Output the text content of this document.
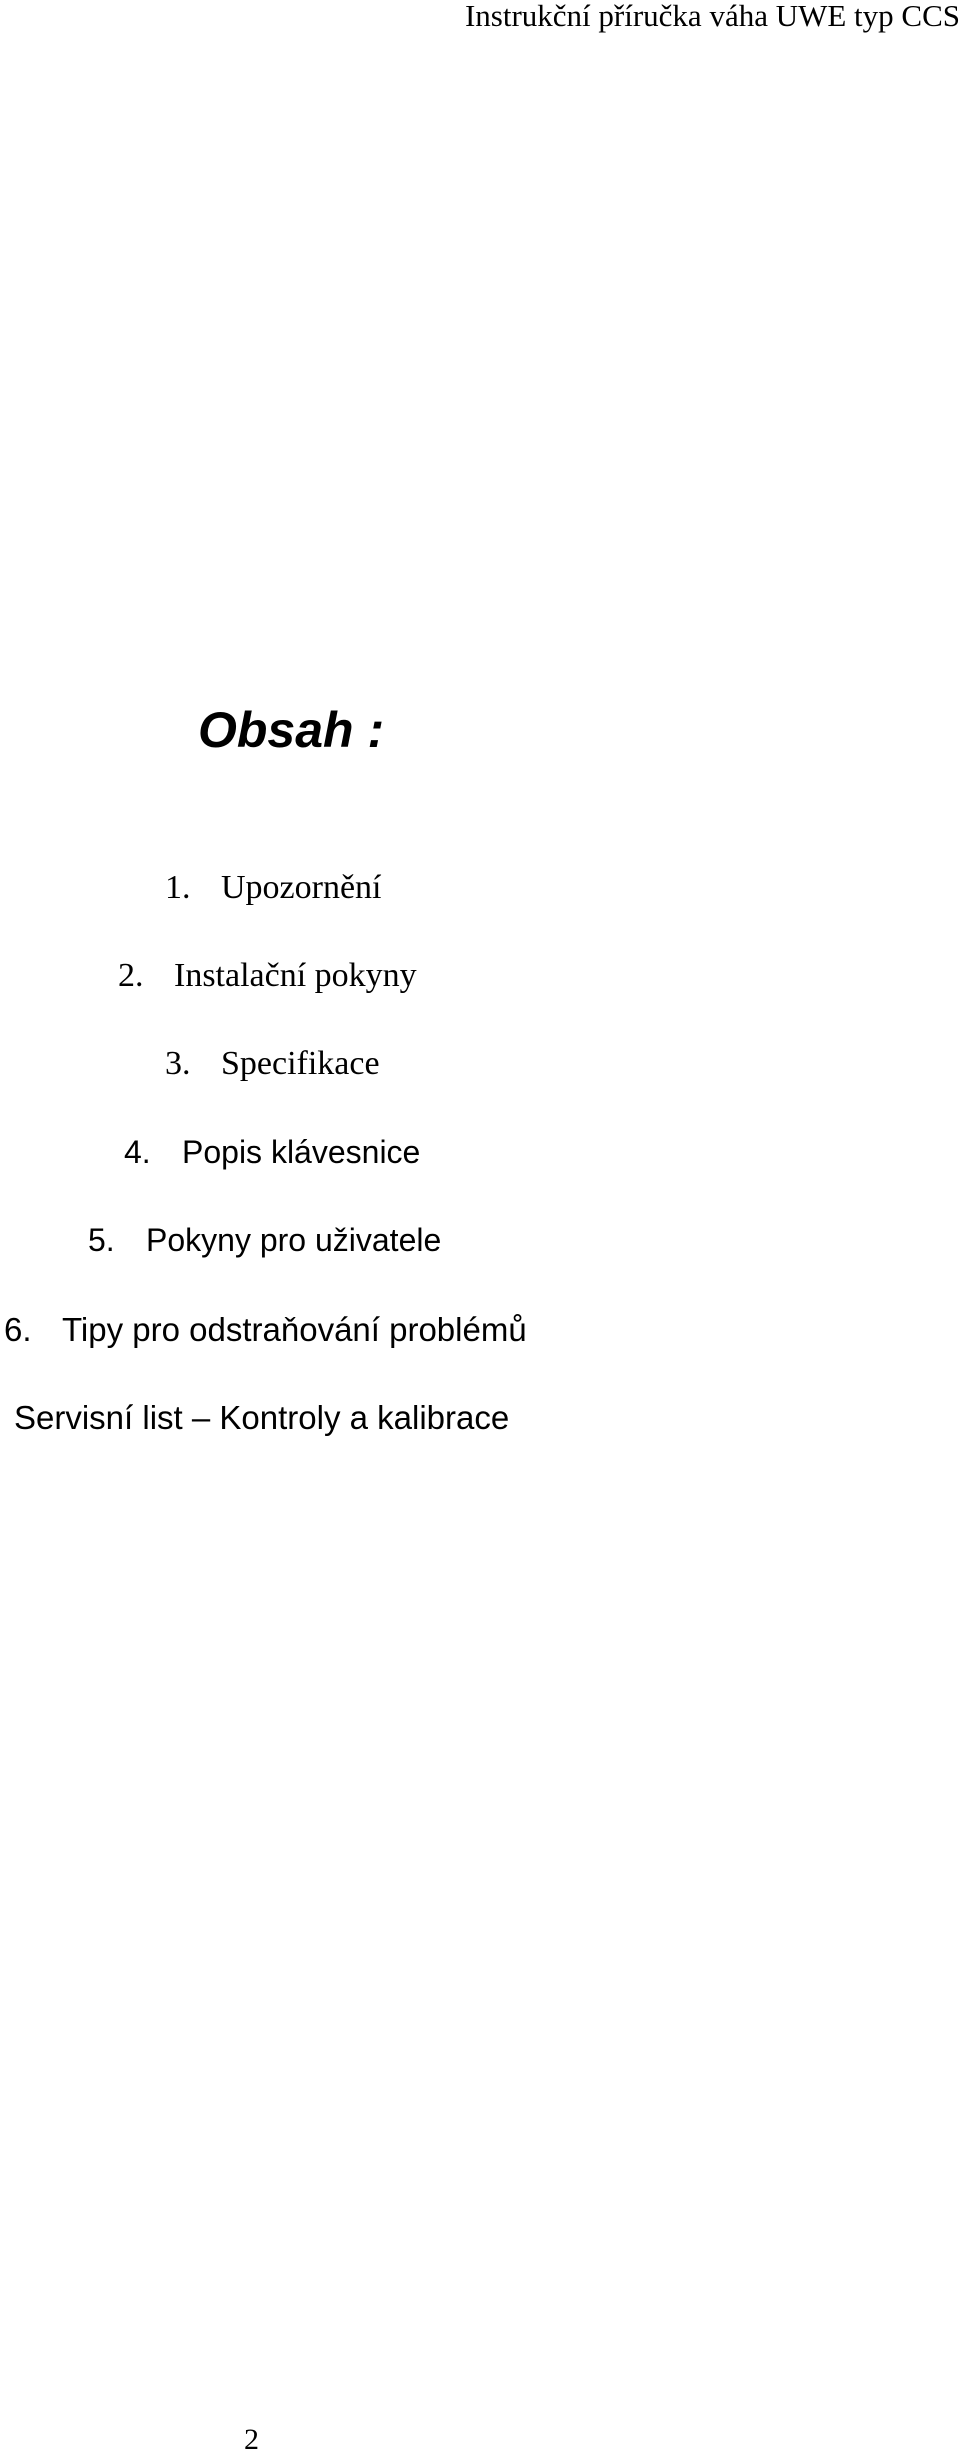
Instrukční příručka váha UWE typ CCS
Obsah :
1. Upozornění
2. Instalační pokyny
3. Specifikace
4. Popis klávesnice
5. Pokyny pro uživatele
6. Tipy pro odstraňování problémů
Servisní list – Kontroly a kalibrace
2
